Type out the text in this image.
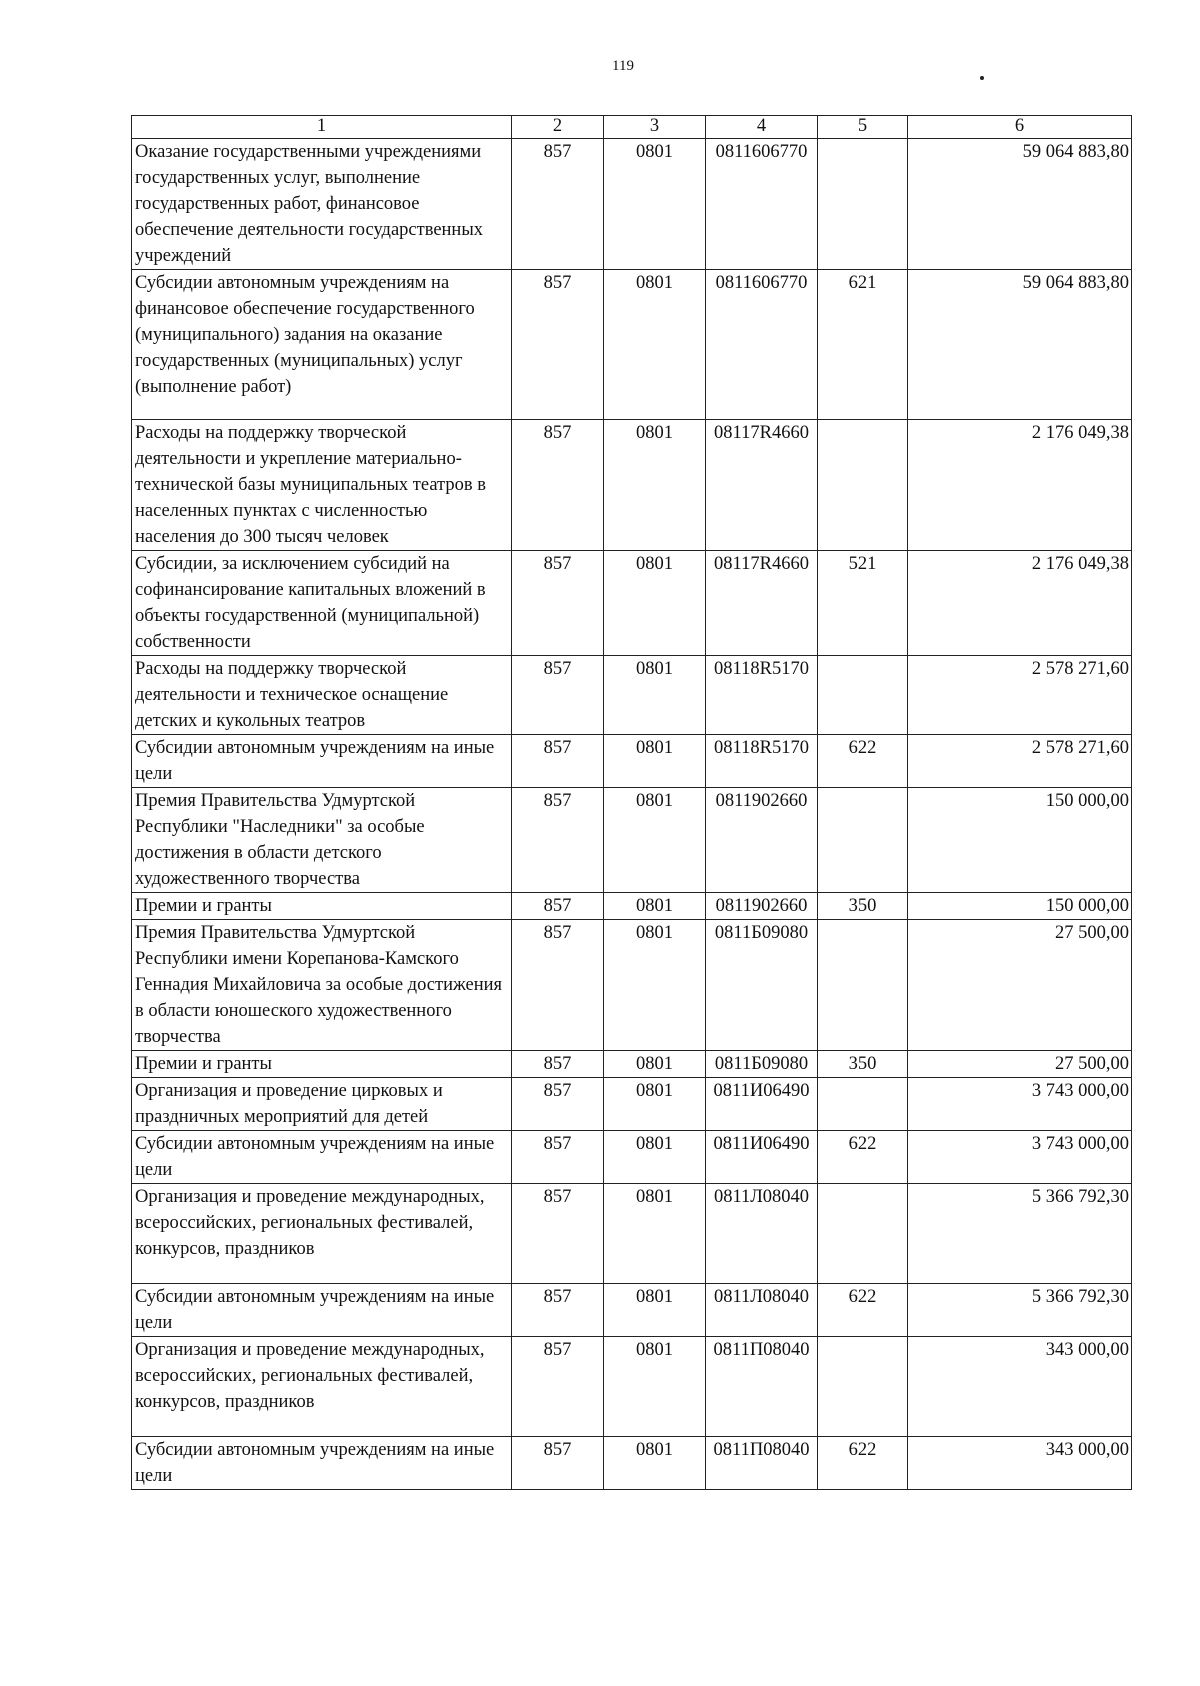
119
1	2	3	4	5	6
Оказание государственными учреждениями государственных услуг, выполнение государственных работ, финансовое обеспечение деятельности государственных учреждений	857	0801	0811606770		59 064 883,80
Субсидии автономным учреждениям на финансовое обеспечение государственного (муниципального) задания на оказание государственных (муниципальных) услуг (выполнение работ)	857	0801	0811606770	621	59 064 883,80
Расходы на поддержку творческой деятельности и укрепление материально-технической базы муниципальных театров в населенных пунктах с численностью населения до 300 тысяч человек	857	0801	08117R4660		2 176 049,38
Субсидии, за исключением субсидий на софинансирование капитальных вложений в объекты государственной (муниципальной) собственности	857	0801	08117R4660	521	2 176 049,38
Расходы на поддержку творческой деятельности и техническое оснащение детских и кукольных театров	857	0801	08118R5170		2 578 271,60
Субсидии автономным учреждениям на иные цели	857	0801	08118R5170	622	2 578 271,60
Премия Правительства Удмуртской Республики "Наследники" за особые достижения в области детского художественного творчества	857	0801	0811902660		150 000,00
Премии и гранты	857	0801	0811902660	350	150 000,00
Премия Правительства Удмуртской Республики имени Корепанова-Камского Геннадия Михайловича за особые достижения в области юношеского художественного творчества	857	0801	0811Б09080		27 500,00
Премии и гранты	857	0801	0811Б09080	350	27 500,00
Организация и проведение цирковых и праздничных мероприятий для детей	857	0801	0811И06490		3 743 000,00
Субсидии автономным учреждениям на иные цели	857	0801	0811И06490	622	3 743 000,00
Организация и проведение международных, всероссийских, региональных фестивалей, конкурсов, праздников	857	0801	0811Л08040		5 366 792,30
Субсидии автономным учреждениям на иные цели	857	0801	0811Л08040	622	5 366 792,30
Организация и проведение международных, всероссийских, региональных фестивалей, конкурсов, праздников	857	0801	0811П08040		343 000,00
Субсидии автономным учреждениям на иные цели	857	0801	0811П08040	622	343 000,00
